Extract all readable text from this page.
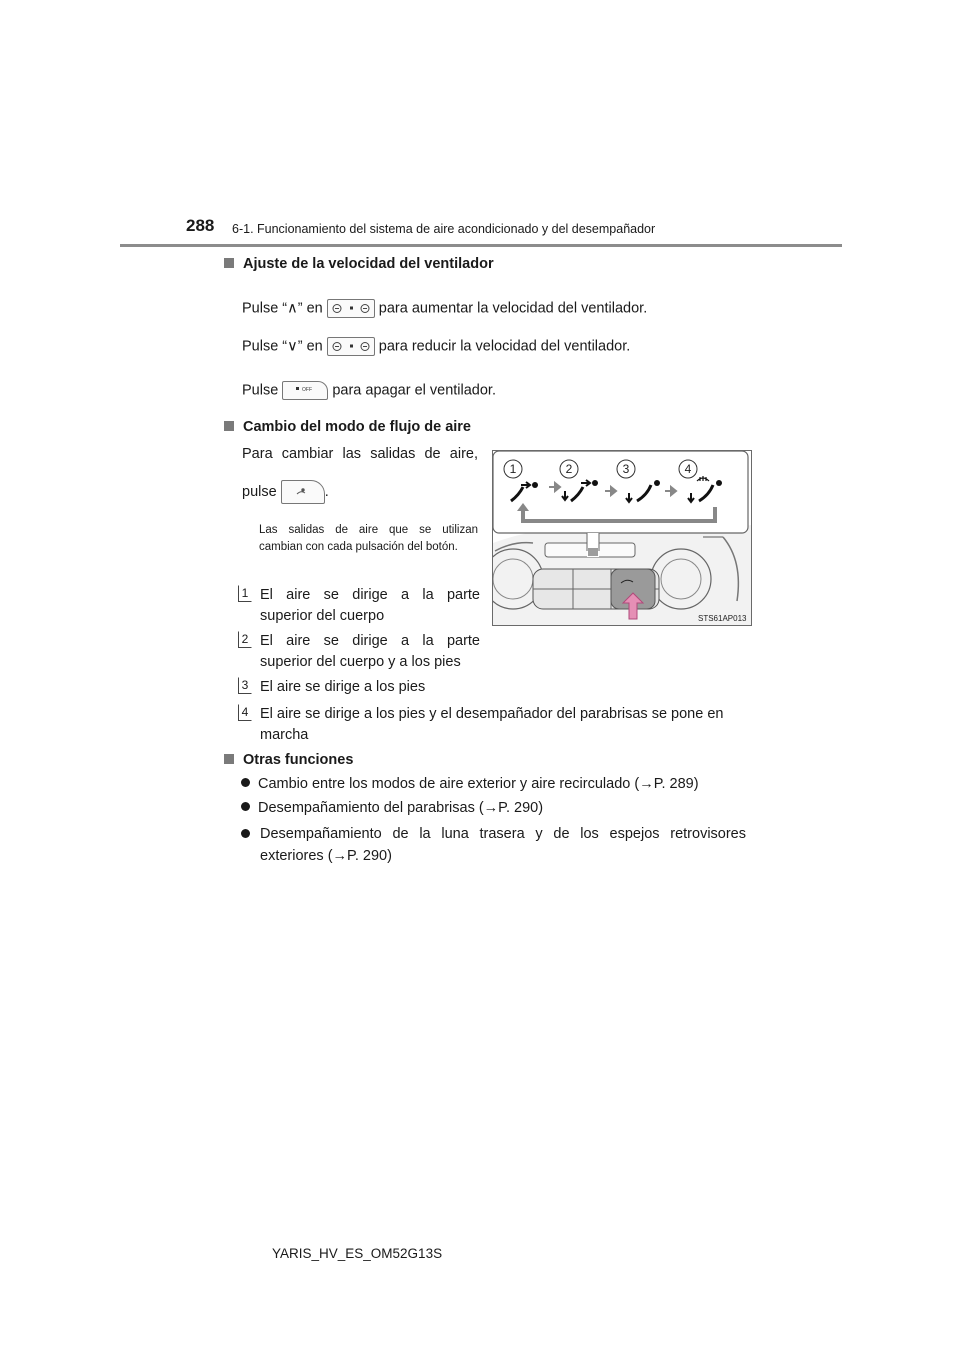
288 6-1. Funcionamiento del sistema de aire acondicionado y del desempañador
Ajuste de la velocidad del ventilador
Pulse “∧” en	para aumentar la velocidad del ventilador.
Pulse “∨” en	para reducir la velocidad del ventilador.
Pulse	OFF para apagar el ventilador.
Cambio del modo de flujo de aire
Para cambiar las salidas de aire,
pulse	.
Las salidas de aire que se utilizan cambian con cada pulsación del botón.
1 El aire se dirige a la parte superior del cuerpo
2 El aire se dirige a la parte superior del cuerpo y a los pies
3 El aire se dirige a los pies
4 El aire se dirige a los pies y el desempañador del parabrisas se pone en marcha
1	2	3	4
STS61AP013
Otras funciones
Cambio entre los modos de aire exterior y aire recirculado (→P. 289)
Desempañamiento del parabrisas (→P. 290)
Desempañamiento de la luna trasera y de los espejos retrovisores exteriores (→P. 290)
YARIS_HV_ES_OM52G13S
